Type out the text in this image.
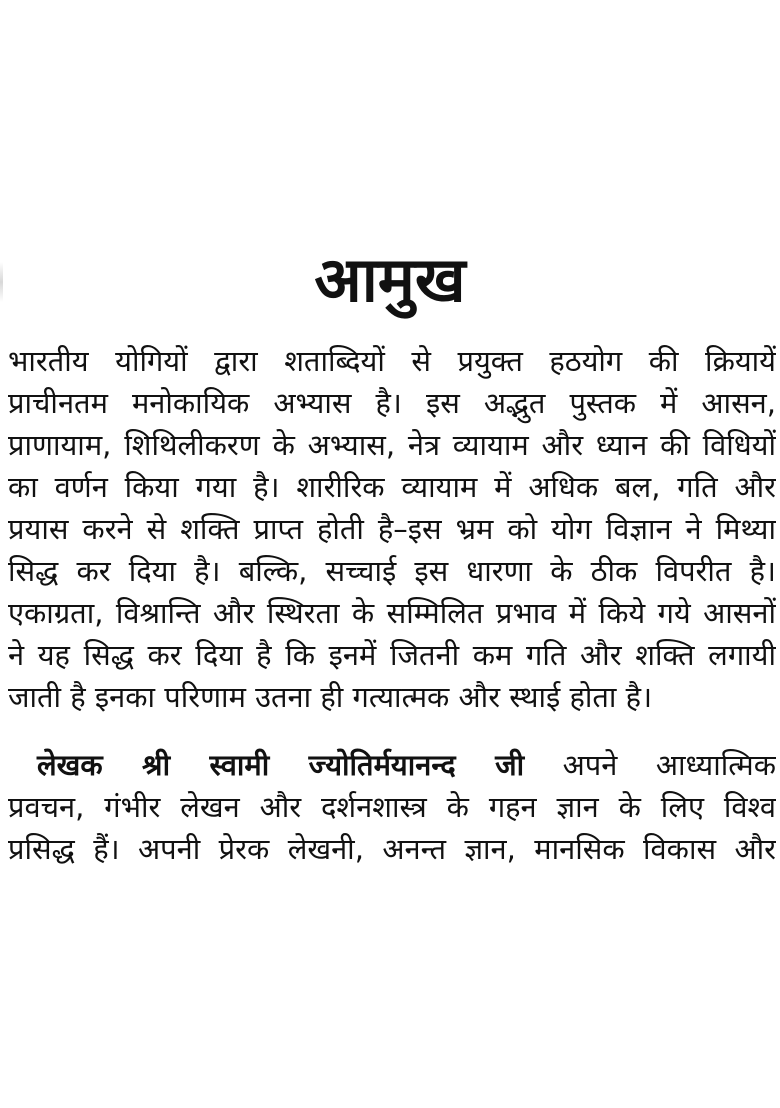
आमुख
भारतीय योगियों द्वारा शताब्दियों से प्रयुक्त हठयोग की क्रियायें
प्राचीनतम मनोकायिक अभ्यास है। इस अद्भुत पुस्तक में आसन,
प्राणायाम, शिथिलीकरण के अभ्यास, नेत्र व्यायाम और ध्यान की विधियों
का वर्णन किया गया है। शारीरिक व्यायाम में अधिक बल, गति और
प्रयास करने से शक्ति प्राप्त होती है–इस भ्रम को योग विज्ञान ने मिथ्या
सिद्ध कर दिया है। बल्कि, सच्चाई इस धारणा के ठीक विपरीत है।
एकाग्रता, विश्रान्ति और स्थिरता के सम्मिलित प्रभाव में किये गये आसनों
ने यह सिद्ध कर दिया है कि इनमें जितनी कम गति और शक्ति लगायी
जाती है इनका परिणाम उतना ही गत्यात्मक और स्थाई होता है।
 लेखक श्री स्वामी ज्योतिर्मयानन्द जी अपने आध्यात्मिक
प्रवचन, गंभीर लेखन और दर्शनशास्त्र के गहन ज्ञान के लिए विश्व
प्रसिद्ध हैं। अपनी प्रेरक लेखनी, अनन्त ज्ञान, मानसिक विकास और
